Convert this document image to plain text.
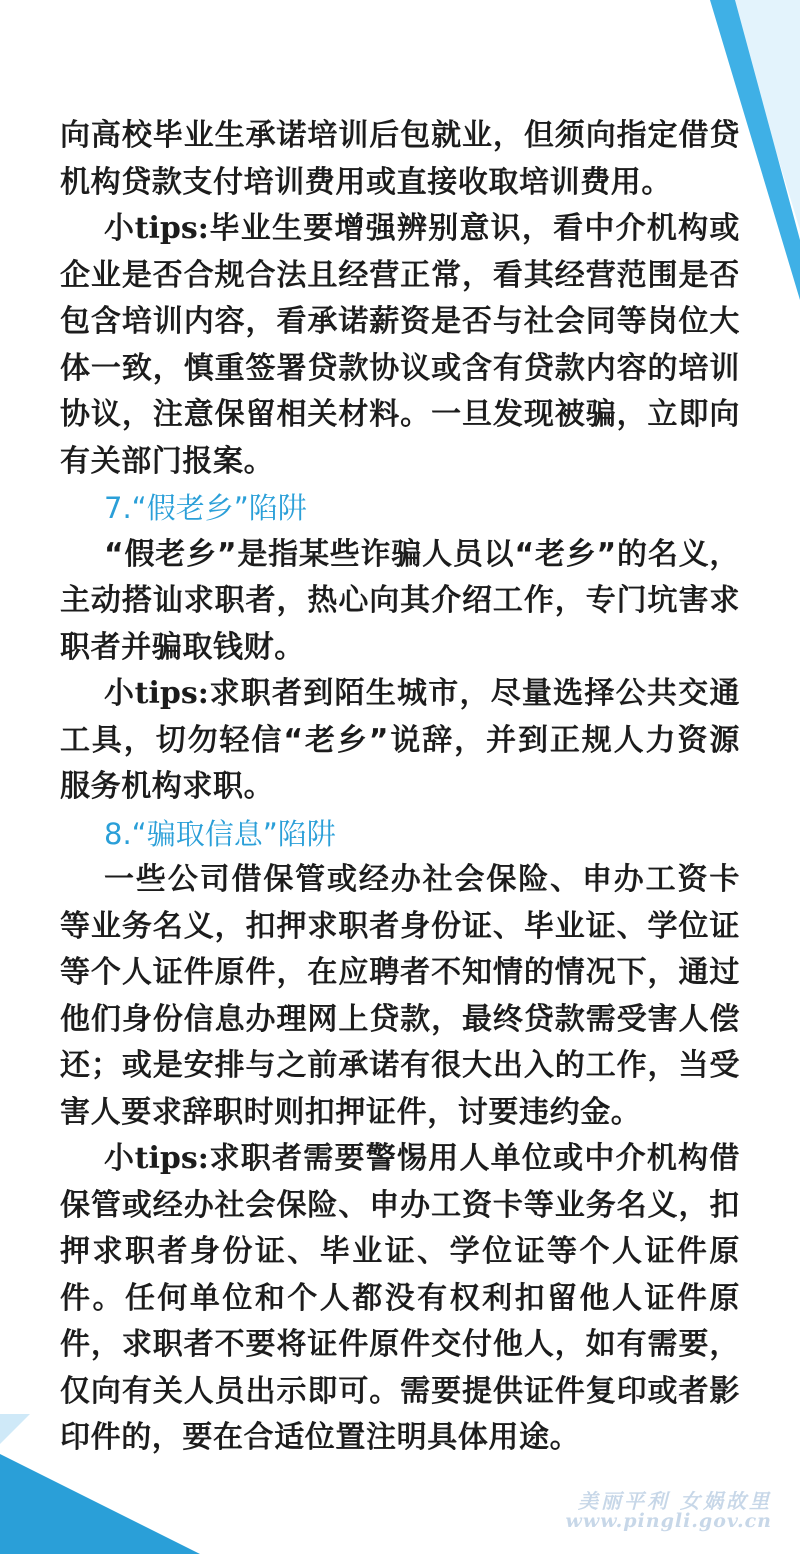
向高校毕业生承诺培训后包就业，但须向指定借贷机构贷款支付培训费用或直接收取培训费用。

小tips:毕业生要增强辨别意识，看中介机构或企业是否合规合法且经营正常，看其经营范围是否包含培训内容，看承诺薪资是否与社会同等岗位大体一致，慎重签署贷款协议或含有贷款内容的培训协议，注意保留相关材料。一旦发现被骗，立即向有关部门报案。

7.“假老乡”陷阱

“假老乡”是指某些诈骗人员以“老乡”的名义，主动搭讪求职者，热心向其介绍工作，专门坑害求职者并骗取钱财。

小tips:求职者到陌生城市，尽量选择公共交通工具，切勿轻信“老乡”说辞，并到正规人力资源服务机构求职。

8.“骗取信息”陷阱

一些公司借保管或经办社会保险、申办工资卡等业务名义，扣押求职者身份证、毕业证、学位证等个人证件原件，在应聘者不知情的情况下，通过他们身份信息办理网上贷款，最终贷款需受害人偿还；或是安排与之前承诺有很大出入的工作，当受害人要求辞职时则扣押证件，讨要违约金。

小tips:求职者需要警惕用人单位或中介机构借保管或经办社会保险、申办工资卡等业务名义，扣押求职者身份证、毕业证、学位证等个人证件原件。任何单位和个人都没有权利扣留他人证件原件，求职者不要将证件原件交付他人，如有需要，仅向有关人员出示即可。需要提供证件复印或者影印件的，要在合适位置注明具体用途。

美丽平利 女娲故里
www.pingli.gov.cn
